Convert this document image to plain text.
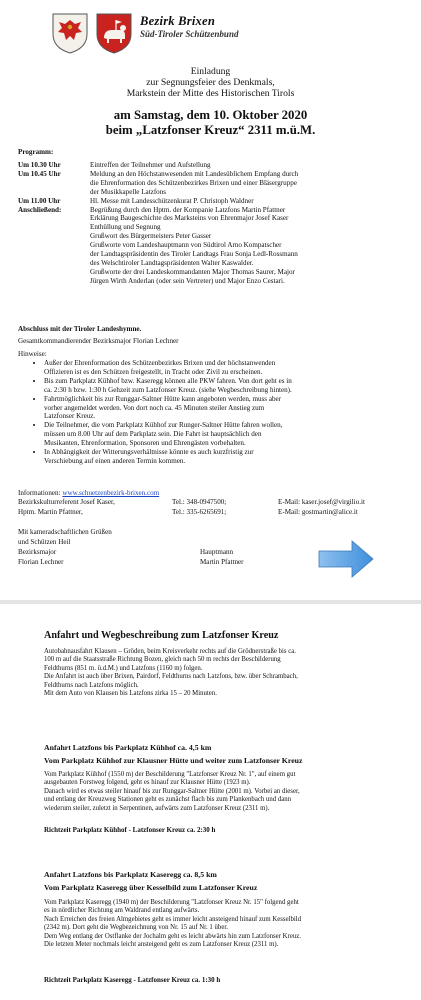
Bezirk Brixen
Süd-Tiroler Schützenbund
Einladung
zur Segnungsfeier des Denkmals,
Markstein der Mitte des Historischen Tirols
am Samstag, dem 10. Oktober 2020
beim „Latzfonser Kreuz“ 2311 m.ü.M.
Programm:
Um 10.30 Uhr	Eintreffen der Teilnehmer und Aufstellung
Um 10.45 Uhr	Meldung an den Höchstanwesenden mit Landesüblichem Empfang durch
die Ehrenformation des Schützenbezirkes Brixen und einer Bläsergruppe
der Musikkapelle Latzfons
Um 11.00 Uhr	Hl. Messe mit Landesschützenkurat P. Christoph Waldner
Anschließend:	Begrüßung durch den Hptm. der Kompanie Latzfons Martin Pfattner
Erklärung Baugeschichte des Marksteins von Ehrenmajor Josef Kaser
Enthüllung und Segnung
Grußwort des Bürgermeisters Peter Gasser
Grußworte vom Landeshauptmann von Südtirol Arno Kompatscher
der Landtagspräsidentin des Tiroler Landtags Frau Sonja Ledl-Rossmann
des Welschtiroler Landtagspräsidenten Walter Kaswalder.
Grußworte der drei Landeskommandanten Major Thomas Saurer, Major
Jürgen Wirth Anderlan (oder sein Vertreter) und Major Enzo Cestari.
Abschluss mit der Tiroler Landeshymne.
Gesamtkommandierender Bezirksmajor Florian Lechner
Hinweise:
• Außer der Ehrenformation des Schützenbezirkes Brixen und der höchstanwenden
Offizieren ist es den Schützen freigestellt, in Tracht oder Zivil zu erscheinen.
• Bis zum Parkplatz Kühhof bzw. Kaseregg können alle PKW fahren. Von dort geht es in
ca. 2:30 h bzw. 1:30 h Gehzeit zum Latzfonser Kreuz. (siehe Wegbeschreibung hinten).
• Fahrtmöglichkeit bis zur Runggar-Saltner Hütte kann angeboten werden, muss aber
vorher angemeldet werden. Von dort noch ca. 45 Minuten steiler Anstieg zum
Latzfonser Kreuz.
• Die Teilnehmer, die vom Parkplatz Kühhof zur Runger-Saltner Hütte fahren wollen,
müssen um 8.00 Uhr auf dem Parkplatz sein. Die Fahrt ist hauptsächlich den
Musikanten, Ehrenformation, Sponsoren und Ehrengästen vorbehalten.
• In Abhängigkeit der Witterungsverhältnisse könnte es auch kurzfristig zur
Verschiebung auf einen anderen Termin kommen.
Informationen: www.schuetzenbezirk-brixen.com
Bezirkskulturreferent Josef Kaser,	Tel.: 348-0947500;	E-Mail: kaser.josef@virgilio.it
Hptm. Martin Pfattner,	Tel.: 335-6265691;	E-Mail: gostmartin@alice.it
Mit kameradschaftlichen Grüßen
und Schützen Heil
Bezirksmajor
Florian Lechner
Hauptmann
Martin Pfattner
Anfahrt und Wegbeschreibung zum Latzfonser Kreuz
Autobahnausfahrt Klausen – Gröden, beim Kreisverkehr rechts auf die Grödnerstraße bis ca.
100 m auf die Staatsstraße Richtung Bozen, gleich nach 50 m rechts der Beschilderung
Feldthurns (851 m. ü.d.M.) und Latzfons (1160 m) folgen.
Die Anfahrt ist auch über Brixen, Pairdorf, Feldthurns nach Latzfons, bzw. über Schrambach,
Feldthurns nach Latzfons möglich.
Mit dem Auto von Klausen bis Latzfons zirka 15 – 20 Minuten.
Anfahrt Latzfons bis Parkplatz Kühhof ca. 4,5 km
Vom Parkplatz Kühhof zur Klausner Hütte und weiter zum Latzfonser Kreuz
Vom Parkplatz Kühhof (1550 m) der Beschilderung "Latzfonser Kreuz Nr. 1", auf einem gut
ausgebauten Forstweg folgend, geht es hinauf zur Klausner Hütte (1923 m).
Danach wird es etwas steiler hinauf bis zur Runggar-Saltner Hütte (2001 m). Vorbei an dieser,
und entlang der Kreuzweg Stationen geht es zunächst flach bis zum Plankenbach und dann
wiederum steiler, zuletzt in Serpentinen, aufwärts zum Latzfonser Kreuz (2311 m).
Richtzeit Parkplatz Kühhof - Latzfonser Kreuz ca. 2:30 h
Anfahrt Latzfons bis Parkplatz Kaseregg ca. 8,5 km
Vom Parkplatz Kaseregg über Kesselbild zum Latzfonser Kreuz
Vom Parkplatz Kaseregg (1940 m) der Beschilderung "Latzfonser Kreuz Nr. 15" folgend geht
es in nördlicher Richtung am Waldrand entlang aufwärts.
Nach Erreichen des freien Almgebietes geht es immer leicht ansteigend hinauf zum Kesselbild
(2342 m). Dort geht die Wegbezeichnung von Nr. 15 auf Nr. 1 über.
Dem Weg entlang der Ostflanke der Jochalm geht es leicht abwärts hin zum Latzfonser Kreuz.
Die letzten Meter nochmals leicht ansteigend geht es zum Latzfonser Kreuz (2311 m).
Richtzeit Parkplatz Kaseregg - Latzfonser Kreuz ca. 1:30 h
